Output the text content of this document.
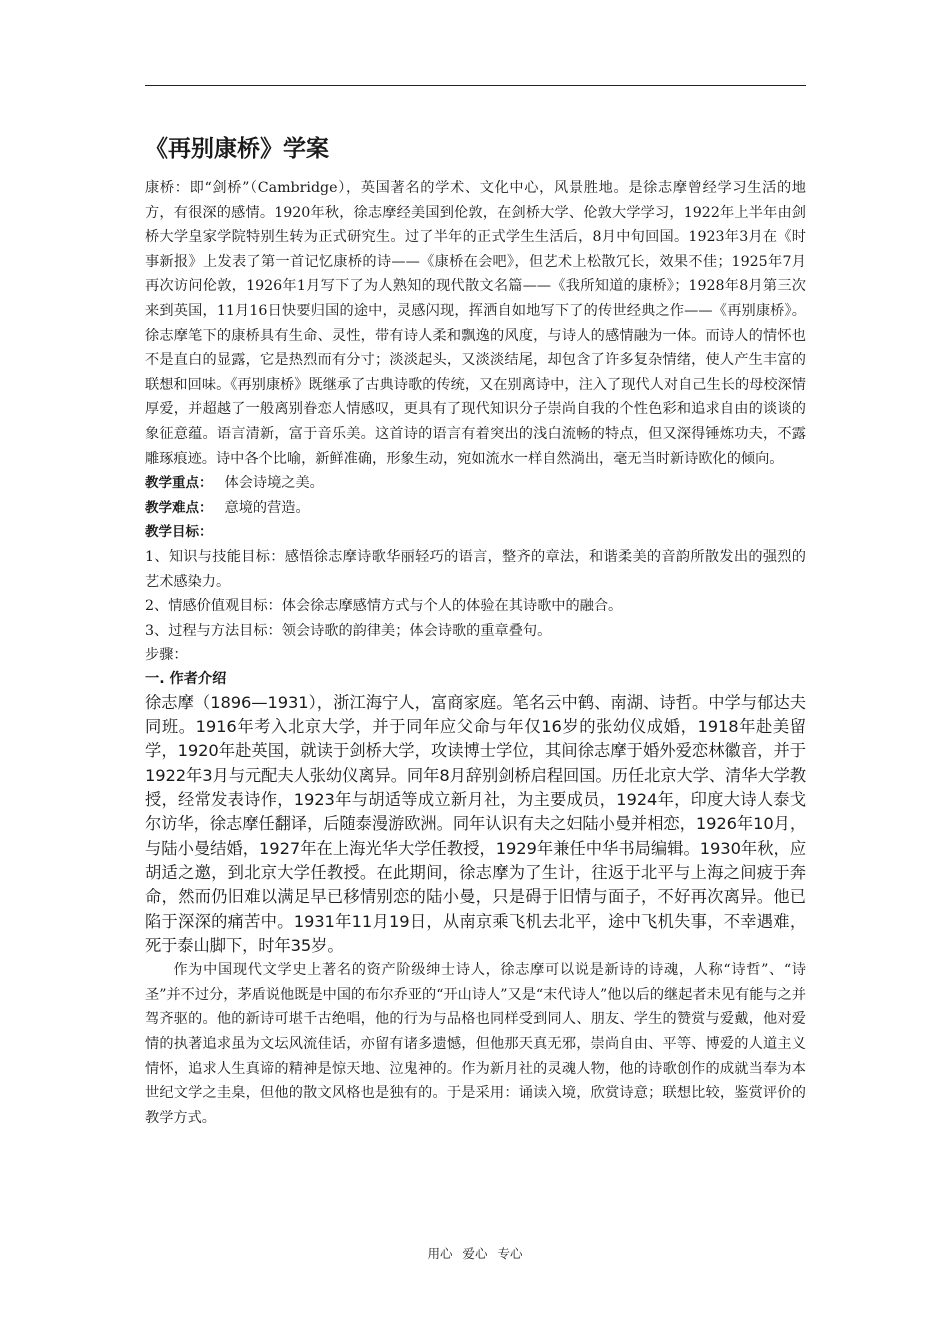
《再别康桥》学案

康桥：即“剑桥”（Cambridge），英国著名的学术、文化中心，风景胜地。是徐志摩曾经学习生活的地方，有很深的感情。1920年秋，徐志摩经美国到伦敦，在剑桥大学、伦敦大学学习，1922年上半年由剑桥大学皇家学院特别生转为正式研究生。过了半年的正式学生生活后，8月中旬回国。1923年3月在《时事新报》上发表了第一首记忆康桥的诗——《康桥在会吧》，但艺术上松散冗长，效果不佳；1925年7月再次访问伦敦，1926年1月写下了为人熟知的现代散文名篇——《我所知道的康桥》；1928年8月第三次来到英国，11月16日快要归国的途中，灵感闪现，挥洒自如地写下了的传世经典之作——《再别康桥》。徐志摩笔下的康桥具有生命、灵性，带有诗人柔和飘逸的风度，与诗人的感情融为一体。而诗人的情怀也不是直白的显露，它是热烈而有分寸；淡淡起头，又淡淡结尾，却包含了许多复杂情绪，使人产生丰富的联想和回味。《再别康桥》既继承了古典诗歌的传统，又在别离诗中，注入了现代人对自己生长的母校深情厚爱，并超越了一般离别眷恋人情感叹，更具有了现代知识分子崇尚自我的个性色彩和追求自由的谈谈的象征意蕴。语言清新，富于音乐美。这首诗的语言有着突出的浅白流畅的特点，但又深得锤炼功夫，不露雕琢痕迹。诗中各个比喻，新鲜准确，形象生动，宛如流水一样自然淌出，毫无当时新诗欧化的倾向。

教学重点： 体会诗境之美。

教学难点： 意境的营造。

教学目标：

1、知识与技能目标：感悟徐志摩诗歌华丽轻巧的语言，整齐的章法，和谐柔美的音韵所散发出的强烈的艺术感染力。

2、情感价值观目标：体会徐志摩感情方式与个人的体验在其诗歌中的融合。

3、过程与方法目标：领会诗歌的韵律美；体会诗歌的重章叠句。

步骤：

一. 作者介绍

徐志摩（1896—1931），浙江海宁人，富商家庭。笔名云中鹤、南湖、诗哲。中学与郁达夫同班。1916年考入北京大学，并于同年应父命与年仅16岁的张幼仪成婚，1918年赴美留学，1920年赴英国，就读于剑桥大学，攻读博士学位，其间徐志摩于婚外爱恋林徽音，并于1922年3月与元配夫人张幼仪离异。同年8月辞别剑桥启程回国。历任北京大学、清华大学教授，经常发表诗作，1923年与胡适等成立新月社，为主要成员，1924年，印度大诗人泰戈尔访华，徐志摩任翻译，后随泰漫游欧洲。同年认识有夫之妇陆小曼并相恋，1926年10月，与陆小曼结婚，1927年在上海光华大学任教授，1929年兼任中华书局编辑。1930年秋，应胡适之邀，到北京大学任教授。在此期间，徐志摩为了生计，往返于北平与上海之间疲于奔命，然而仍旧难以满足早已移情别恋的陆小曼，只是碍于旧情与面子，不好再次离异。他已陷于深深的痛苦中。1931年11月19日，从南京乘飞机去北平，途中飞机失事，不幸遇难，死于泰山脚下，时年35岁。

作为中国现代文学史上著名的资产阶级绅士诗人，徐志摩可以说是新诗的诗魂，人称“诗哲”、“诗圣”并不过分，茅盾说他既是中国的布尔乔亚的“开山诗人”又是“末代诗人”他以后的继起者未见有能与之并驾齐驱的。他的新诗可堪千古绝唱，他的行为与品格也同样受到同人、朋友、学生的赞赏与爱戴，他对爱情的执著追求虽为文坛风流佳话，亦留有诸多遗憾，但他那天真无邪，崇尚自由、平等、博爱的人道主义情怀，追求人生真谛的精神是惊天地、泣鬼神的。作为新月社的灵魂人物，他的诗歌创作的成就当奉为本世纪文学之圭臬，但他的散文风格也是独有的。于是采用：诵读入境，欣赏诗意；联想比较，鉴赏评价的教学方式。

用心 爱心 专心
